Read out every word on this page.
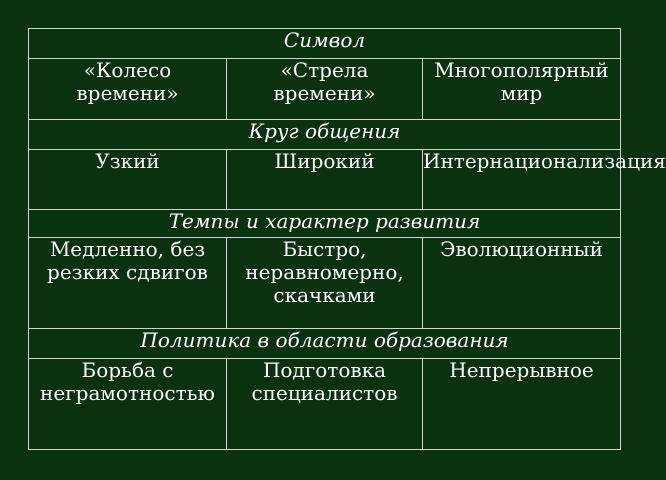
Символ		
«Колесо времени»	«Стрела времени»	Многополярный мир
Круг общения		
Узкий	Широкий	Интернационализация
Темпы и характер развития		
Медленно, без резких сдвигов	Быстро, неравномерно, скачками	Эволюционный
Политика в области образования		
Борьба с неграмотностью	Подготовка специалистов	Непрерывное
